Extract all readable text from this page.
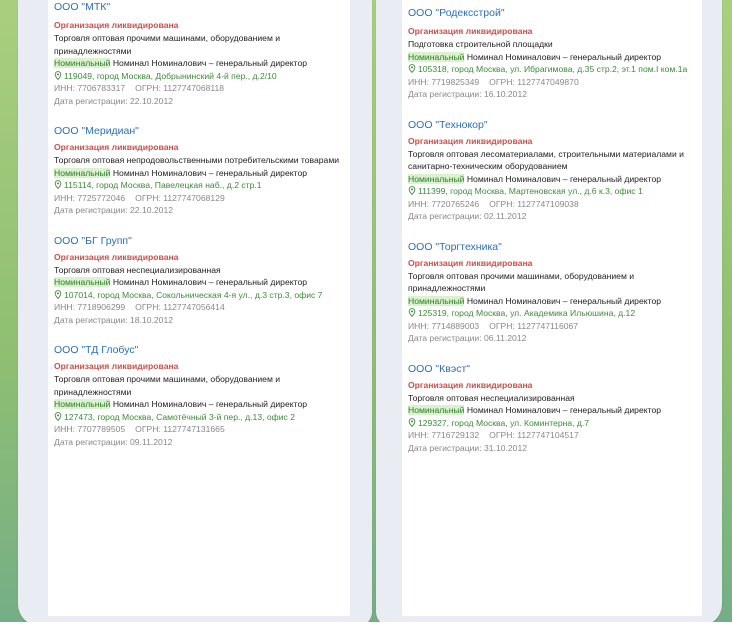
ООО "МТК"
Организация ликвидирована
Торговля оптовая прочими машинами, оборудованием и принадлежностями
Номинальный Номинал Номиналович – генеральный директор
119049, город Москва, Добрынинский 4-й пер., д.2/10
ИНН: 7706783317 ОГРН: 1127747068118
Дата регистрации: 22.10.2012
ООО "Меридиан"
Организация ликвидирована
Торговля оптовая непродовольственными потребительскими товарами
Номинальный Номинал Номиналович – генеральный директор
115114, город Москва, Павелецкая наб., д.2 стр.1
ИНН: 7725772046 ОГРН: 1127747068129
Дата регистрации: 22.10.2012
ООО "БГ Групп"
Организация ликвидирована
Торговля оптовая неспециализированная
Номинальный Номинал Номиналович – генеральный директор
107014, город Москва, Сокольническая 4-я ул., д.3 стр.3, офис 7
ИНН: 7718906299 ОГРН: 1127747056414
Дата регистрации: 18.10.2012
ООО "ТД Глобус"
Организация ликвидирована
Торговля оптовая прочими машинами, оборудованием и принадлежностями
Номинальный Номинал Номиналович – генеральный директор
127473, город Москва, Самотёчный 3-й пер., д.13, офис 2
ИНН: 7707789505 ОГРН: 1127747131665
Дата регистрации: 09.11.2012
ООО "Родексстрой"
Организация ликвидирована
Подготовка строительной площадки
Номинальный Номинал Номиналович – генеральный директор
105318, город Москва, ул. Ибрагимова, д.35 стр.2, эт.1 пом.I ком.1а
ИНН: 7719825349 ОГРН: 1127747049870
Дата регистрации: 16.10.2012
ООО "Технокор"
Организация ликвидирована
Торговля оптовая лесоматериалами, строительными материалами и санитарно-техническим оборудованием
Номинальный Номинал Номиналович – генеральный директор
111399, город Москва, Мартеновская ул., д.6 к.3, офис 1
ИНН: 7720765246 ОГРН: 1127747109038
Дата регистрации: 02.11.2012
ООО "Торгтехника"
Организация ликвидирована
Торговля оптовая прочими машинами, оборудованием и принадлежностями
Номинальный Номинал Номиналович – генеральный директор
125319, город Москва, ул. Академика Ильюшина, д.12
ИНН: 7714889003 ОГРН: 1127747116067
Дата регистрации: 06.11.2012
ООО "Квэст"
Организация ликвидирована
Торговля оптовая неспециализированная
Номинальный Номинал Номиналович – генеральный директор
129327, город Москва, ул. Коминтерна, д.7
ИНН: 7716729132 ОГРН: 1127747104517
Дата регистрации: 31.10.2012
